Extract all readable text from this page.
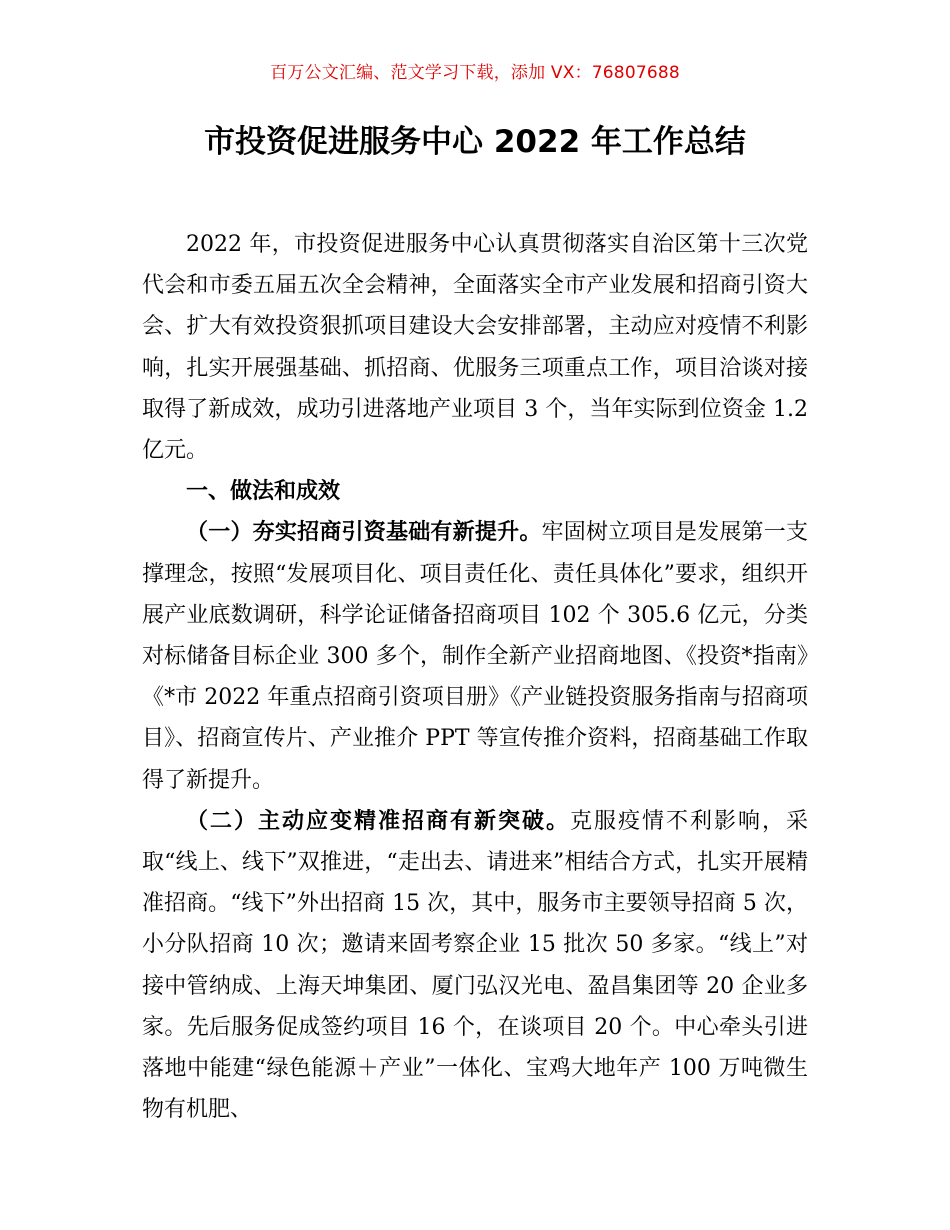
百万公文汇编、范文学习下载，添加 VX：76807688
市投资促进服务中心 2022 年工作总结

2022 年，市投资促进服务中心认真贯彻落实自治区第十三次党代会和市委五届五次全会精神，全面落实全市产业发展和招商引资大会、扩大有效投资狠抓项目建设大会安排部署，主动应对疫情不利影响，扎实开展强基础、抓招商、优服务三项重点工作，项目洽谈对接取得了新成效，成功引进落地产业项目 3 个，当年实际到位资金 1.2 亿元。

一、做法和成效

（一）夯实招商引资基础有新提升。牢固树立项目是发展第一支撑理念，按照“发展项目化、项目责任化、责任具体化”要求，组织开展产业底数调研，科学论证储备招商项目 102 个 305.6 亿元，分类对标储备目标企业 300 多个，制作全新产业招商地图、《投资*指南》《*市 2022 年重点招商引资项目册》《产业链投资服务指南与招商项目》、招商宣传片、产业推介 PPT 等宣传推介资料，招商基础工作取得了新提升。

（二）主动应变精准招商有新突破。克服疫情不利影响，采取“线上、线下”双推进，“走出去、请进来”相结合方式，扎实开展精准招商。“线下”外出招商 15 次，其中，服务市主要领导招商 5 次，小分队招商 10 次；邀请来固考察企业 15 批次 50 多家。“线上”对接中管纳成、上海天坤集团、厦门弘汉光电、盈昌集团等 20 企业多家。先后服务促成签约项目 16 个，在谈项目 20 个。中心牵头引进落地中能建“绿色能源＋产业”一体化、宝鸡大地年产 100 万吨微生物有机肥、
